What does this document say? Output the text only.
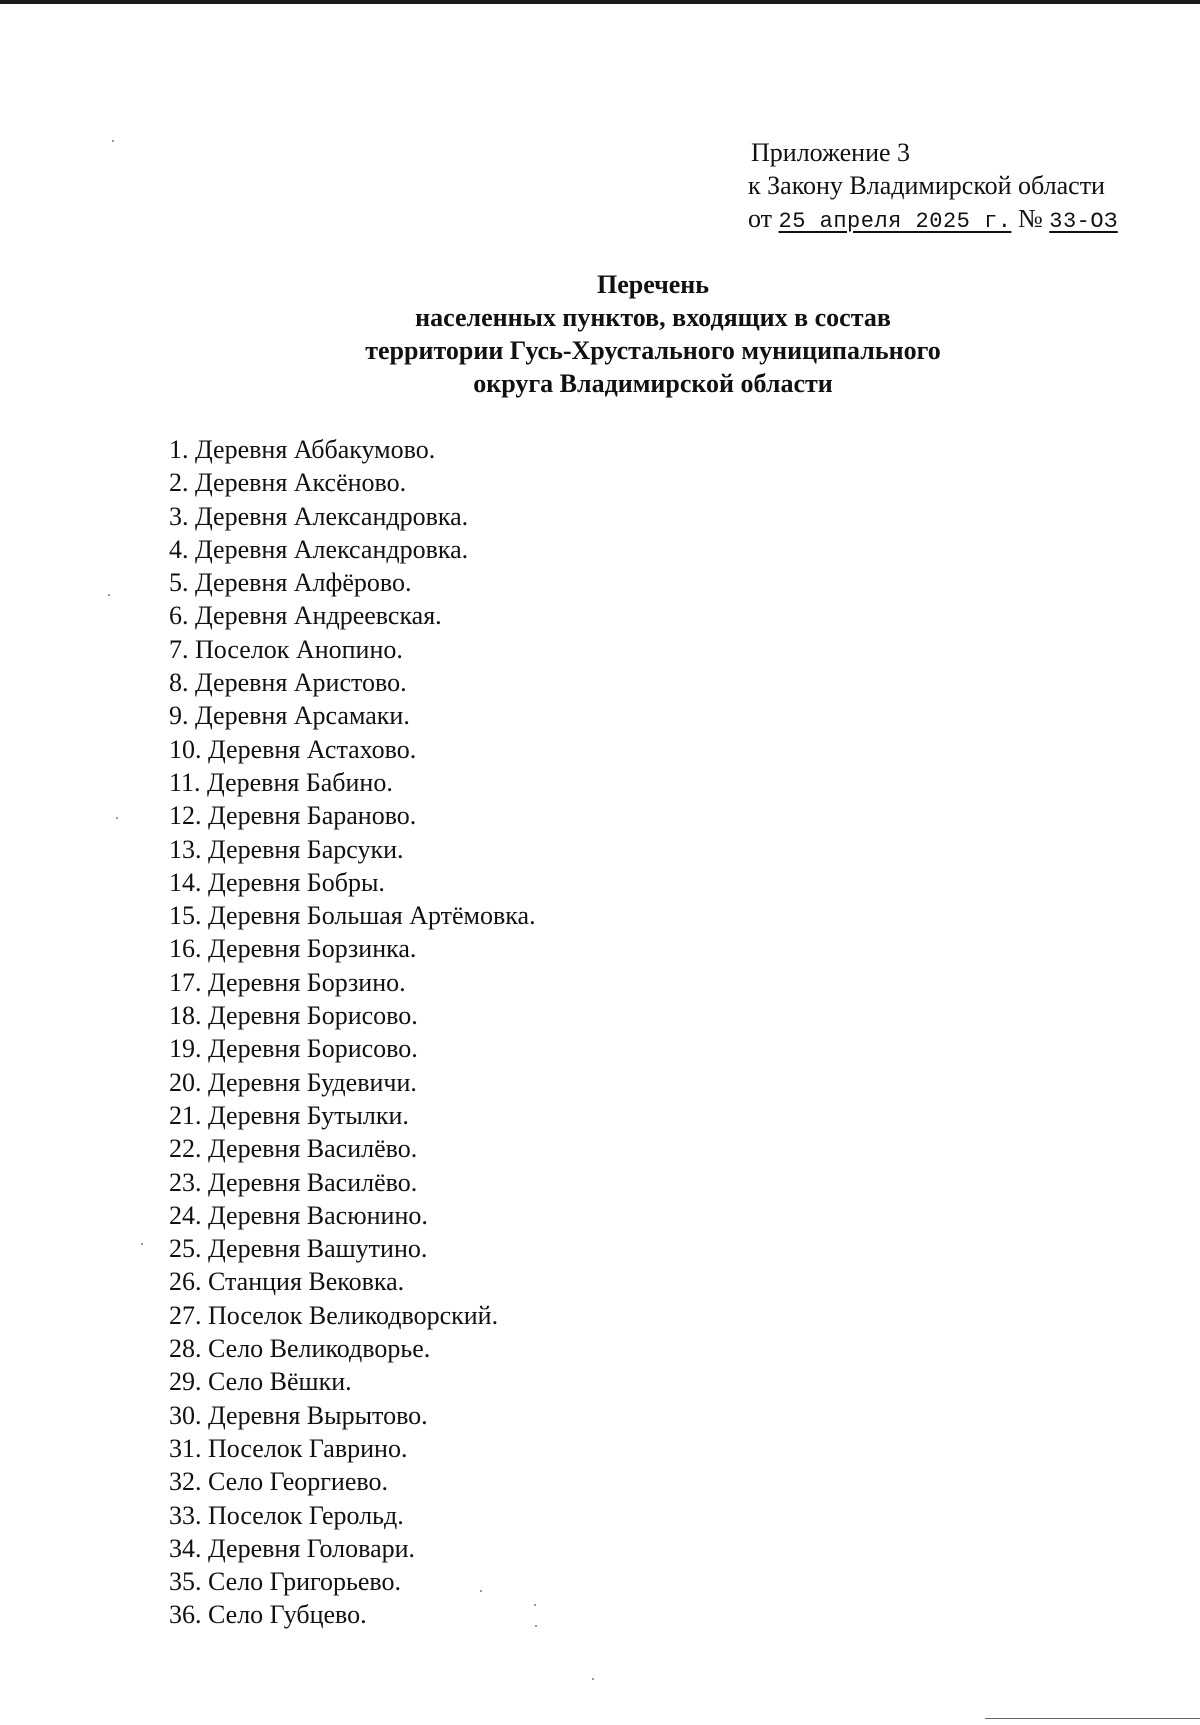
Приложение 3
к Закону Владимирской области
от 25 апреля 2025 г. № 33-ОЗ
Перечень
населенных пунктов, входящих в состав
территории Гусь-Хрустального муниципального
округа Владимирской области
1. Деревня Аббакумово.
2. Деревня Аксёново.
3. Деревня Александровка.
4. Деревня Александровка.
5. Деревня Алфёрово.
6. Деревня Андреевская.
7. Поселок Анопино.
8. Деревня Аристово.
9. Деревня Арсамаки.
10. Деревня Астахово.
11. Деревня Бабино.
12. Деревня Бараново.
13. Деревня Барсуки.
14. Деревня Бобры.
15. Деревня Большая Артёмовка.
16. Деревня Борзинка.
17. Деревня Борзино.
18. Деревня Борисово.
19. Деревня Борисово.
20. Деревня Будевичи.
21. Деревня Бутылки.
22. Деревня Василёво.
23. Деревня Василёво.
24. Деревня Васюнино.
25. Деревня Вашутино.
26. Станция Вековка.
27. Поселок Великодворский.
28. Село Великодворье.
29. Село Вёшки.
30. Деревня Вырытово.
31. Поселок Гаврино.
32. Село Георгиево.
33. Поселок Герольд.
34. Деревня Головари.
35. Село Григорьево.
36. Село Губцево.
